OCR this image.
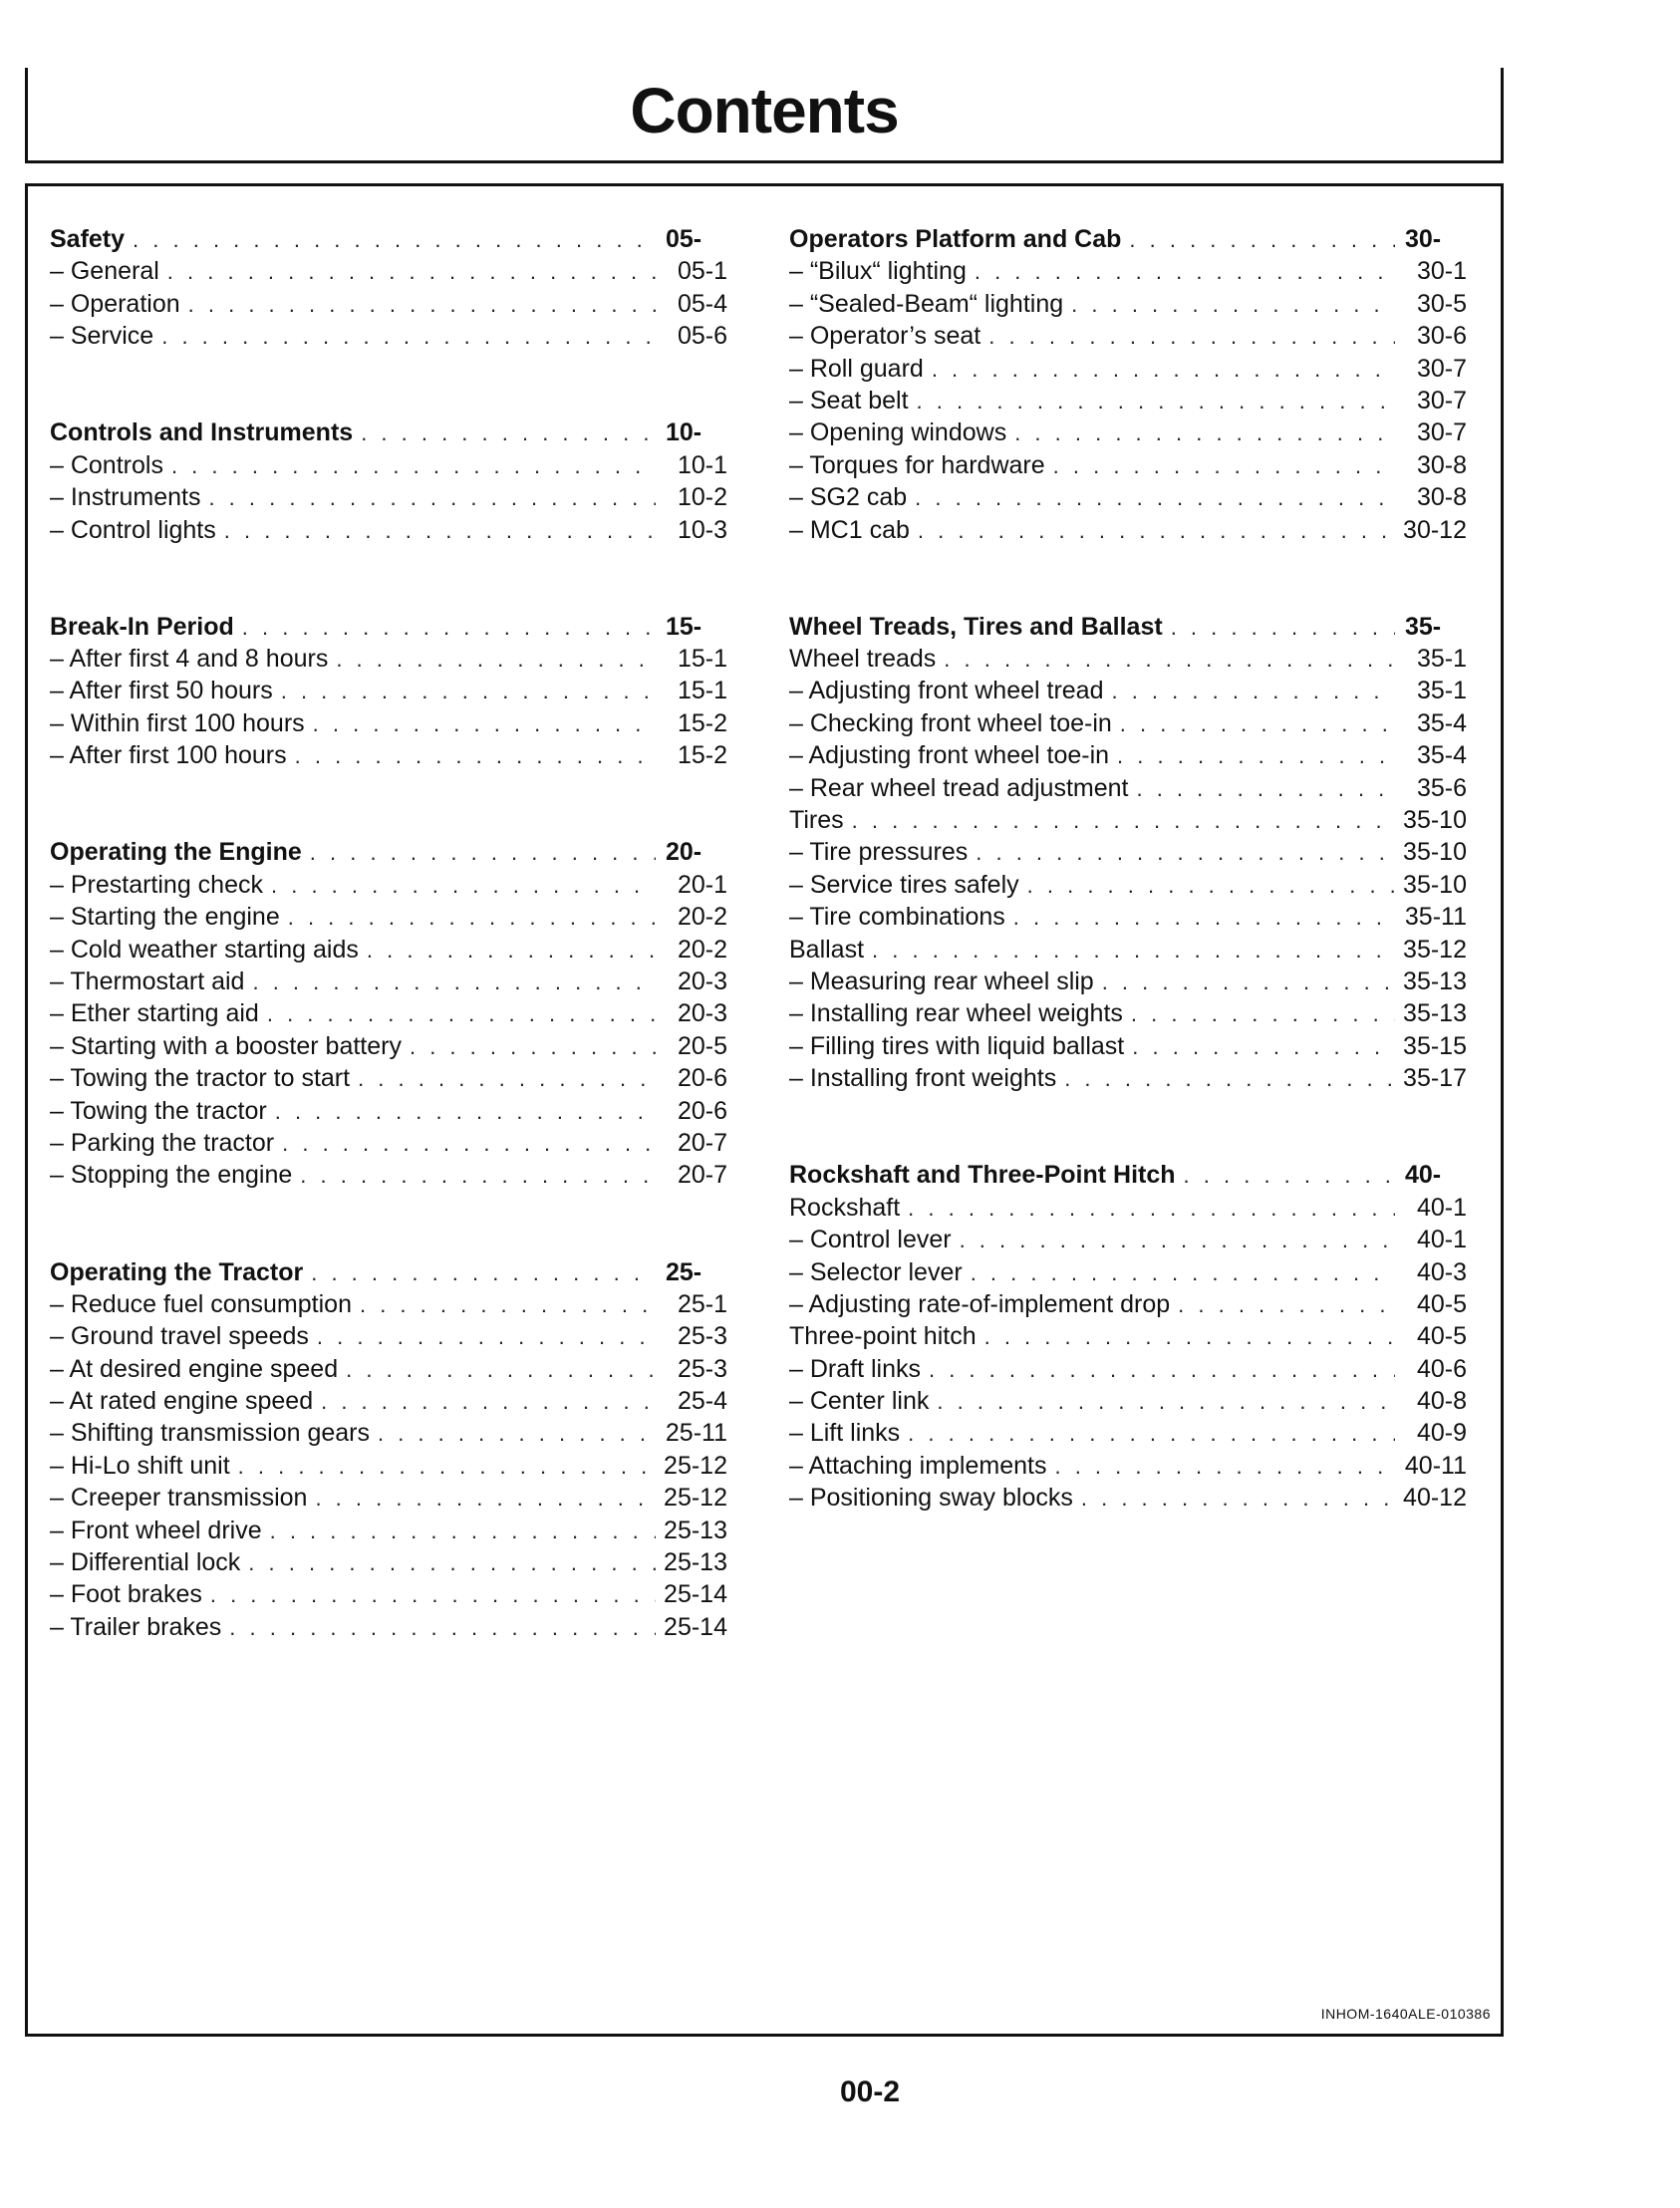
Contents
Safety . . .	05-
– General . . .	05-1
– Operation . . .	05-4
– Service . . .	05-6
Controls and Instruments . . .	10-
– Controls . . .	10-1
– Instruments . . .	10-2
– Control lights . . .	10-3
Break-In Period . . .	15-
– After first 4 and 8 hours . . .	15-1
– After first 50 hours . . .	15-1
– Within first 100 hours . . .	15-2
– After first 100 hours . . .	15-2
Operating the Engine . . .	20-
– Prestarting check . . .	20-1
– Starting the engine . . .	20-2
– Cold weather starting aids . . .	20-2
– Thermostart aid . . .	20-3
– Ether starting aid . . .	20-3
– Starting with a booster battery . . .	20-5
– Towing the tractor to start . . .	20-6
– Towing the tractor . . .	20-6
– Parking the tractor . . .	20-7
– Stopping the engine . . .	20-7
Operating the Tractor . . .	25-
– Reduce fuel consumption . . .	25-1
– Ground travel speeds . . .	25-3
– At desired engine speed . . .	25-3
– At rated engine speed . . .	25-4
– Shifting transmission gears . . .	25-11
– Hi-Lo shift unit . . .	25-12
– Creeper transmission . . .	25-12
– Front wheel drive . . .	25-13
– Differential lock . . .	25-13
– Foot brakes . . .	25-14
– Trailer brakes . . .	25-14
Operators Platform and Cab . . .	30-
– “Bilux“ lighting . . .	30-1
– “Sealed-Beam“ lighting . . .	30-5
– Operator’s seat . . .	30-6
– Roll guard . . .	30-7
– Seat belt . . .	30-7
– Opening windows . . .	30-7
– Torques for hardware . . .	30-8
– SG2 cab . . .	30-8
– MC1 cab . . .	30-12
Wheel Treads, Tires and Ballast . . .	35-
Wheel treads . . .	35-1
– Adjusting front wheel tread . . .	35-1
– Checking front wheel toe-in . . .	35-4
– Adjusting front wheel toe-in . . .	35-4
– Rear wheel tread adjustment . . .	35-6
Tires . . .	35-10
– Tire pressures . . .	35-10
– Service tires safely . . .	35-10
– Tire combinations . . .	35-11
Ballast . . .	35-12
– Measuring rear wheel slip . . .	35-13
– Installing rear wheel weights . . .	35-13
– Filling tires with liquid ballast . . .	35-15
– Installing front weights . . .	35-17
Rockshaft and Three-Point Hitch . . .	40-
Rockshaft . . .	40-1
– Control lever . . .	40-1
– Selector lever . . .	40-3
– Adjusting rate-of-implement drop . . .	40-5
Three-point hitch . . .	40-5
– Draft links . . .	40-6
– Center link . . .	40-8
– Lift links . . .	40-9
– Attaching implements . . .	40-11
– Positioning sway blocks . . .	40-12
INHOM-1640ALE-010386
00-2
